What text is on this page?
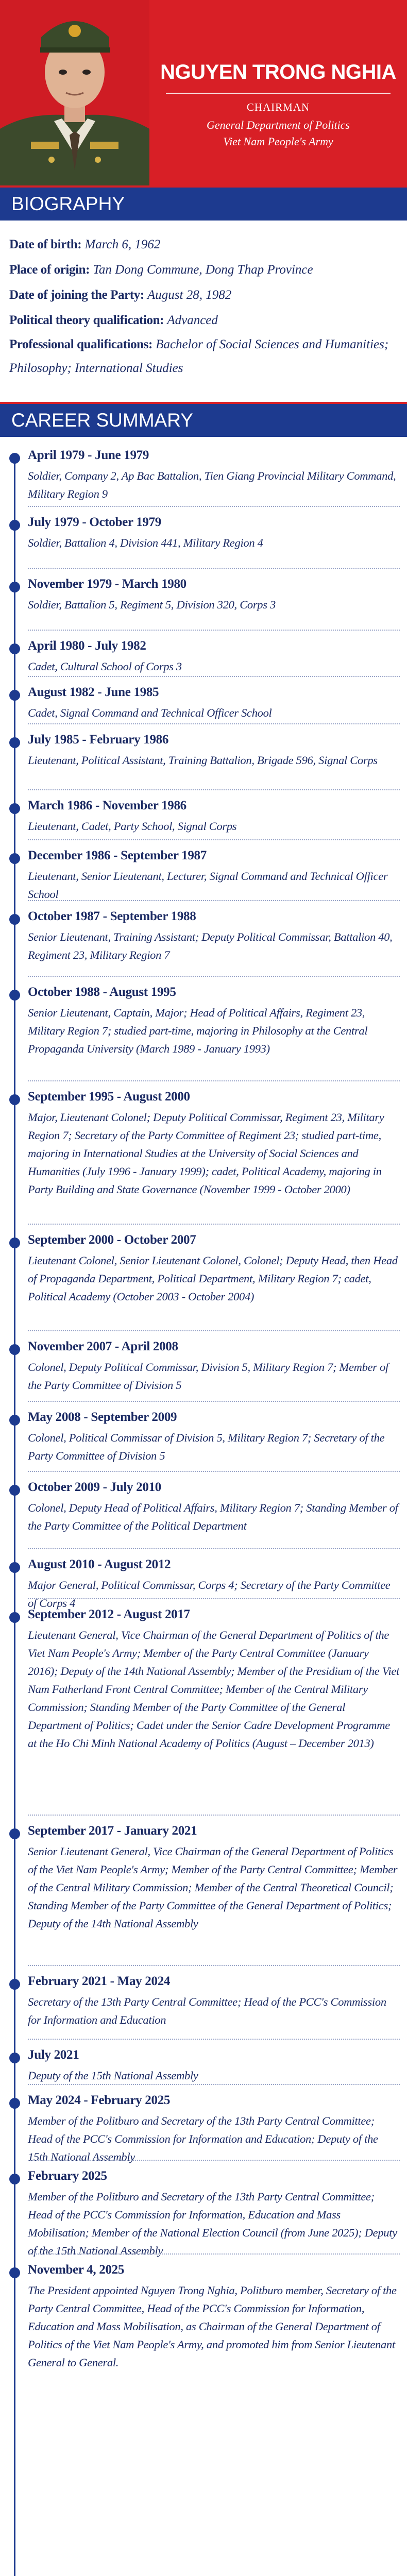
NGUYEN TRONG NGHIA
CHAIRMAN
General Department of Politics
Viet Nam People's Army
BIOGRAPHY
Date of birth: March 6, 1962
Place of origin: Tan Dong Commune, Dong Thap Province
Date of joining the Party: August 28, 1982
Political theory qualification: Advanced
Professional qualifications: Bachelor of Social Sciences and Humanities; Philosophy; International Studies
CAREER SUMMARY
April 1979 - June 1979
Soldier, Company 2, Ap Bac Battalion, Tien Giang Provincial Military Command, Military Region 9
July 1979 - October 1979
Soldier, Battalion 4, Division 441, Military Region 4
November 1979 - March 1980
Soldier, Battalion 5, Regiment 5, Division 320, Corps 3
April 1980 - July 1982
Cadet, Cultural School of Corps 3
August 1982 - June 1985
Cadet, Signal Command and Technical Officer School
July 1985 - February 1986
Lieutenant, Political Assistant, Training Battalion, Brigade 596, Signal Corps
March 1986 - November 1986
Lieutenant, Cadet, Party School, Signal Corps
December 1986 - September 1987
Lieutenant, Senior Lieutenant, Lecturer, Signal Command and Technical Officer School
October 1987 - September 1988
Senior Lieutenant, Training Assistant; Deputy Political Commissar, Battalion 40, Regiment 23, Military Region 7
October 1988 - August 1995
Senior Lieutenant, Captain, Major; Head of Political Affairs, Regiment 23, Military Region 7; studied part-time, majoring in Philosophy at the Central Propaganda University (March 1989 - January 1993)
September 1995 - August 2000
Major, Lieutenant Colonel; Deputy Political Commissar, Regiment 23, Military Region 7; Secretary of the Party Committee of Regiment 23; studied part-time, majoring in International Studies at the University of Social Sciences and Humanities (July 1996 - January 1999); cadet, Political Academy, majoring in Party Building and State Governance (November 1999 - October 2000)
September 2000 - October 2007
Lieutenant Colonel, Senior Lieutenant Colonel, Colonel; Deputy Head, then Head of Propaganda Department, Political Department, Military Region 7; cadet, Political Academy (October 2003 - October 2004)
November 2007 - April 2008
Colonel, Deputy Political Commissar, Division 5, Military Region 7; Member of the Party Committee of Division 5
May 2008 - September 2009
Colonel, Political Commissar of Division 5, Military Region 7; Secretary of the Party Committee of Division 5
October 2009 - July 2010
Colonel, Deputy Head of Political Affairs, Military Region 7; Standing Member of the Party Committee of the Political Department
August 2010 - August 2012
Major General, Political Commissar, Corps 4; Secretary of the Party Committee of Corps 4
September 2012 - August 2017
Lieutenant General, Vice Chairman of the General Department of Politics of the Viet Nam People's Army; Member of the Party Central Committee (January 2016); Deputy of the 14th National Assembly; Member of the Presidium of the Viet Nam Fatherland Front Central Committee; Member of the Central Military Commission; Standing Member of the Party Committee of the General Department of Politics; Cadet under the Senior Cadre Development Programme at the Ho Chi Minh National Academy of Politics (August – December 2013)
September 2017 - January 2021
Senior Lieutenant General, Vice Chairman of the General Department of Politics of the Viet Nam People's Army; Member of the Party Central Committee; Member of the Central Military Commission; Member of the Central Theoretical Council; Standing Member of the Party Committee of the General Department of Politics; Deputy of the 14th National Assembly
February 2021 - May 2024
Secretary of the 13th Party Central Committee; Head of the PCC's Commission for Information and Education
July 2021
Deputy of the 15th National Assembly
May 2024 - February 2025
Member of the Politburo and Secretary of the 13th Party Central Committee; Head of the PCC's Commission for Information and Education; Deputy of the 15th National Assembly
February 2025
Member of the Politburo and Secretary of the 13th Party Central Committee; Head of the PCC's Commission for Information, Education and Mass Mobilisation; Member of the National Election Council (from June 2025); Deputy of the 15th National Assembly
November 4, 2025
The President appointed Nguyen Trong Nghia, Politburo member, Secretary of the Party Central Committee, Head of the PCC's Commission for Information, Education and Mass Mobilisation, as Chairman of the General Department of Politics of the Viet Nam People's Army, and promoted him from Senior Lieutenant General to General.
